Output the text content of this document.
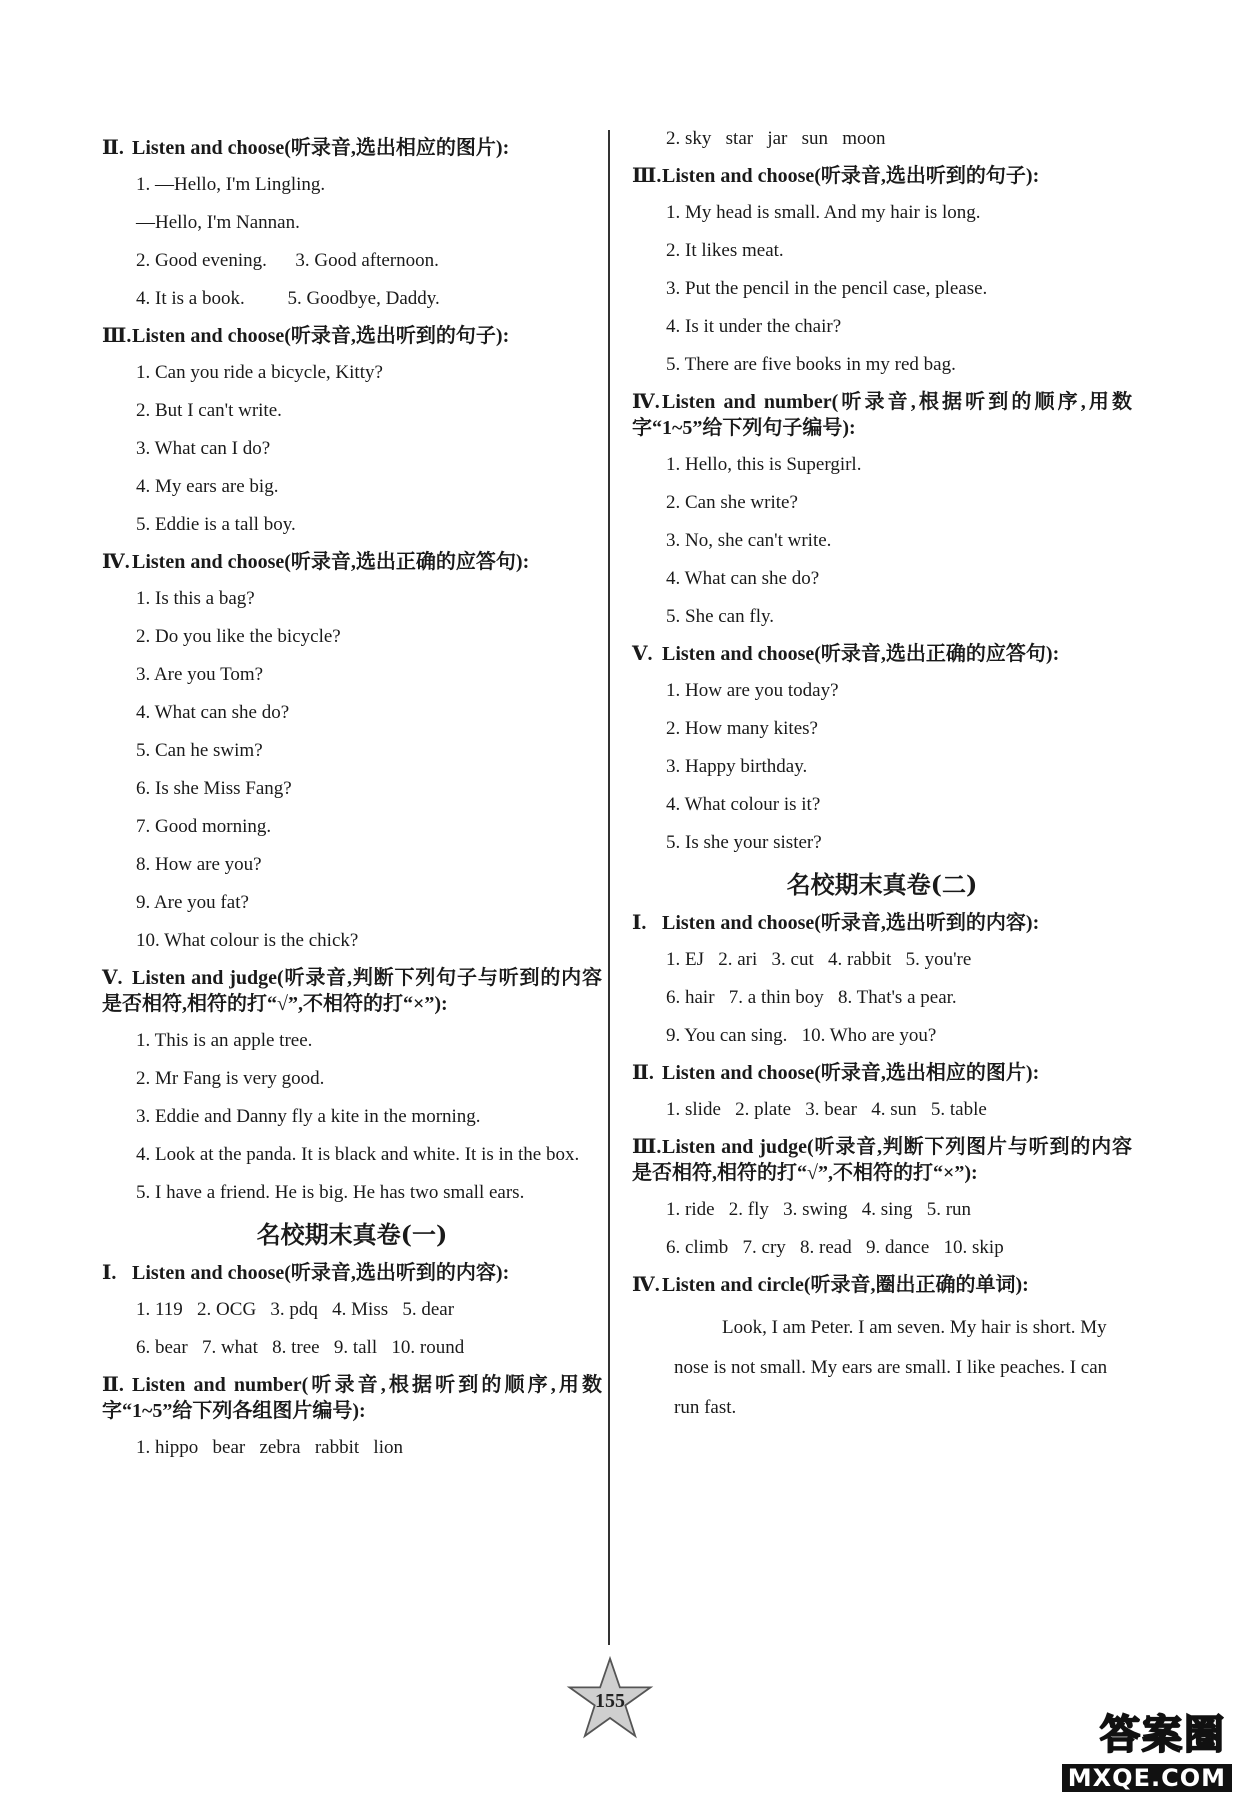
Ⅱ. Listen and choose(听录音,选出相应的图片):
1. —Hello, I'm Lingling.
—Hello, I'm Nannan.
2. Good evening.      3. Good afternoon.
4. It is a book.         5. Goodbye, Daddy.
Ⅲ.Listen and choose(听录音,选出听到的句子):
1. Can you ride a bicycle, Kitty?
2. But I can't write.
3. What can I do?
4. My ears are big.
5. Eddie is a tall boy.
Ⅳ. Listen and choose(听录音,选出正确的应答句):
1. Is this a bag?
2. Do you like the bicycle?
3. Are you Tom?
4. What can she do?
5. Can he swim?
6. Is she Miss Fang?
7. Good morning.
8. How are you?
9. Are you fat?
10. What colour is the chick?
Ⅴ. Listen and judge(听录音,判断下列句子与听到的内容是否相符,相符的打“√”,不相符的打“×”):
1. This is an apple tree.
2. Mr Fang is very good.
3. Eddie and Danny fly a kite in the morning.
4. Look at the panda. It is black and white. It is in the box.
5. I have a friend. He is big. He has two small ears.
名校期末真卷(一)
Ⅰ. Listen and choose(听录音,选出听到的内容):
1. 119   2. OCG   3. pdq   4. Miss   5. dear
6. bear   7. what   8. tree   9. tall   10. round
Ⅱ. Listen and number(听录音,根据听到的顺序,用数字“1~5”给下列各组图片编号):
1. hippo   bear   zebra   rabbit   lion
2. sky   star   jar   sun   moon
Ⅲ.Listen and choose(听录音,选出听到的句子):
1. My head is small. And my hair is long.
2. It likes meat.
3. Put the pencil in the pencil case, please.
4. Is it under the chair?
5. There are five books in my red bag.
Ⅳ. Listen and number(听录音,根据听到的顺序,用数字“1~5”给下列句子编号):
1. Hello, this is Supergirl.
2. Can she write?
3. No, she can't write.
4. What can she do?
5. She can fly.
Ⅴ. Listen and choose(听录音,选出正确的应答句):
1. How are you today?
2. How many kites?
3. Happy birthday.
4. What colour is it?
5. Is she your sister?
名校期末真卷(二)
Ⅰ. Listen and choose(听录音,选出听到的内容):
1. EJ   2. ari   3. cut   4. rabbit   5. you're
6. hair   7. a thin boy   8. That's a pear.
9. You can sing.   10. Who are you?
Ⅱ. Listen and choose(听录音,选出相应的图片):
1. slide   2. plate   3. bear   4. sun   5. table
Ⅲ.Listen and judge(听录音,判断下列图片与听到的内容是否相符,相符的打“√”,不相符的打“×”):
1. ride   2. fly   3. swing   4. sing   5. run
6. climb   7. cry   8. read   9. dance   10. skip
Ⅳ. Listen and circle(听录音,圈出正确的单词):
Look, I am Peter. I am seven. My hair is short. My nose is not small. My ears are small. I like peaches. I can run fast.
155
答案圈
MXQE.COM
